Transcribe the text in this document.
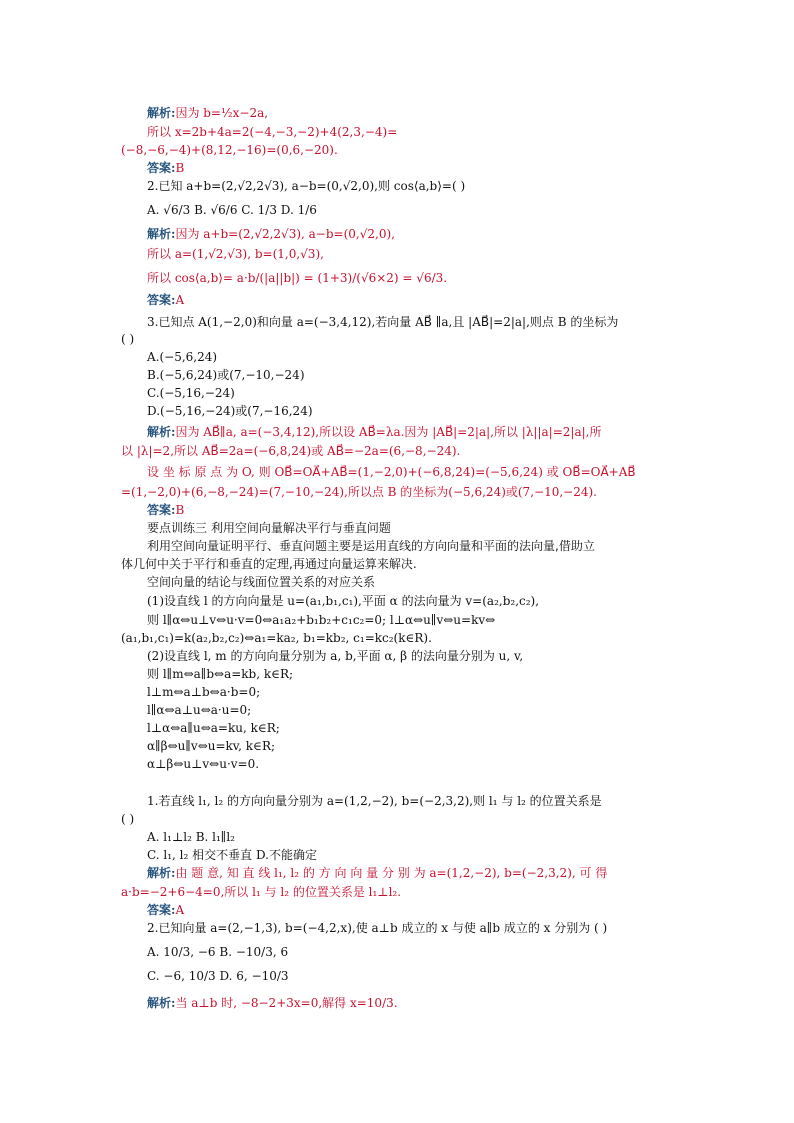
解析:因为 b=½x−2a,
所以 x=2b+4a=2(−4,−3,−2)+4(2,3,−4)=
(−8,−6,−4)+(8,12,−16)=(0,6,−20).
答案:B
2.已知 a+b=(2,√2,2√3), a−b=(0,√2,0),则 cos⟨a,b⟩=( )
A. √6/3 B. √6/6 C. 1/3 D. 1/6
解析:因为 a+b=(2,√2,2√3), a−b=(0,√2,0),
所以 a=(1,√2,√3), b=(1,0,√3),
所以 cos⟨a,b⟩= a·b/(|a||b|) = (1+3)/(√6×2) = √6/3.
答案:A
3.已知点 A(1,−2,0)和向量 a=(−3,4,12),若向量 AB⃗ ∥a,且 |AB⃗|=2|a|,则点 B 的坐标为
( )
A.(−5,6,24)
B.(−5,6,24)或(7,−10,−24)
C.(−5,16,−24)
D.(−5,16,−24)或(7,−16,24)
解析:因为 AB⃗∥a, a=(−3,4,12),所以设 AB⃗=λa.因为 |AB⃗|=2|a|,所以 |λ||a|=2|a|,所
以 |λ|=2,所以 AB⃗=2a=(−6,8,24)或 AB⃗=−2a=(6,−8,−24).
设 坐 标 原 点 为 O, 则 OB⃗=OA⃗+AB⃗=(1,−2,0)+(−6,8,24)=(−5,6,24) 或 OB⃗=OA⃗+AB⃗
=(1,−2,0)+(6,−8,−24)=(7,−10,−24),所以点 B 的坐标为(−5,6,24)或(7,−10,−24).
答案:B
要点训练三 利用空间向量解决平行与垂直问题
利用空间向量证明平行、垂直问题主要是运用直线的方向向量和平面的法向量,借助立
体几何中关于平行和垂直的定理,再通过向量运算来解决.
空间向量的结论与线面位置关系的对应关系
(1)设直线 l 的方向向量是 u=(a₁,b₁,c₁),平面 α 的法向量为 v=(a₂,b₂,c₂),
则 l∥α⇔u⊥v⇔u·v=0⇔a₁a₂+b₁b₂+c₁c₂=0; l⊥α⇔u∥v⇔u=kv⇔
(a₁,b₁,c₁)=k(a₂,b₂,c₂)⇔a₁=ka₂, b₁=kb₂, c₁=kc₂(k∈R).
(2)设直线 l, m 的方向向量分别为 a, b,平面 α, β 的法向量分别为 u, v,
则 l∥m⇔a∥b⇔a=kb, k∈R;
l⊥m⇔a⊥b⇔a·b=0;
l∥α⇔a⊥u⇔a·u=0;
l⊥α⇔a∥u⇔a=ku, k∈R;
α∥β⇔u∥v⇔u=kv, k∈R;
α⊥β⇔u⊥v⇔u·v=0.
1.若直线 l₁, l₂ 的方向向量分别为 a=(1,2,−2), b=(−2,3,2),则 l₁ 与 l₂ 的位置关系是
( )
A. l₁⊥l₂ B. l₁∥l₂
C. l₁, l₂ 相交不垂直 D.不能确定
解析:由 题 意, 知 直 线 l₁, l₂ 的 方 向 向 量 分 别 为 a=(1,2,−2), b=(−2,3,2), 可 得
a·b=−2+6−4=0,所以 l₁ 与 l₂ 的位置关系是 l₁⊥l₂.
答案:A
2.已知向量 a=(2,−1,3), b=(−4,2,x),使 a⊥b 成立的 x 与使 a∥b 成立的 x 分别为 ( )
A. 10/3, −6 B. −10/3, 6
C. −6, 10/3 D. 6, −10/3
解析:当 a⊥b 时, −8−2+3x=0,解得 x=10/3.
